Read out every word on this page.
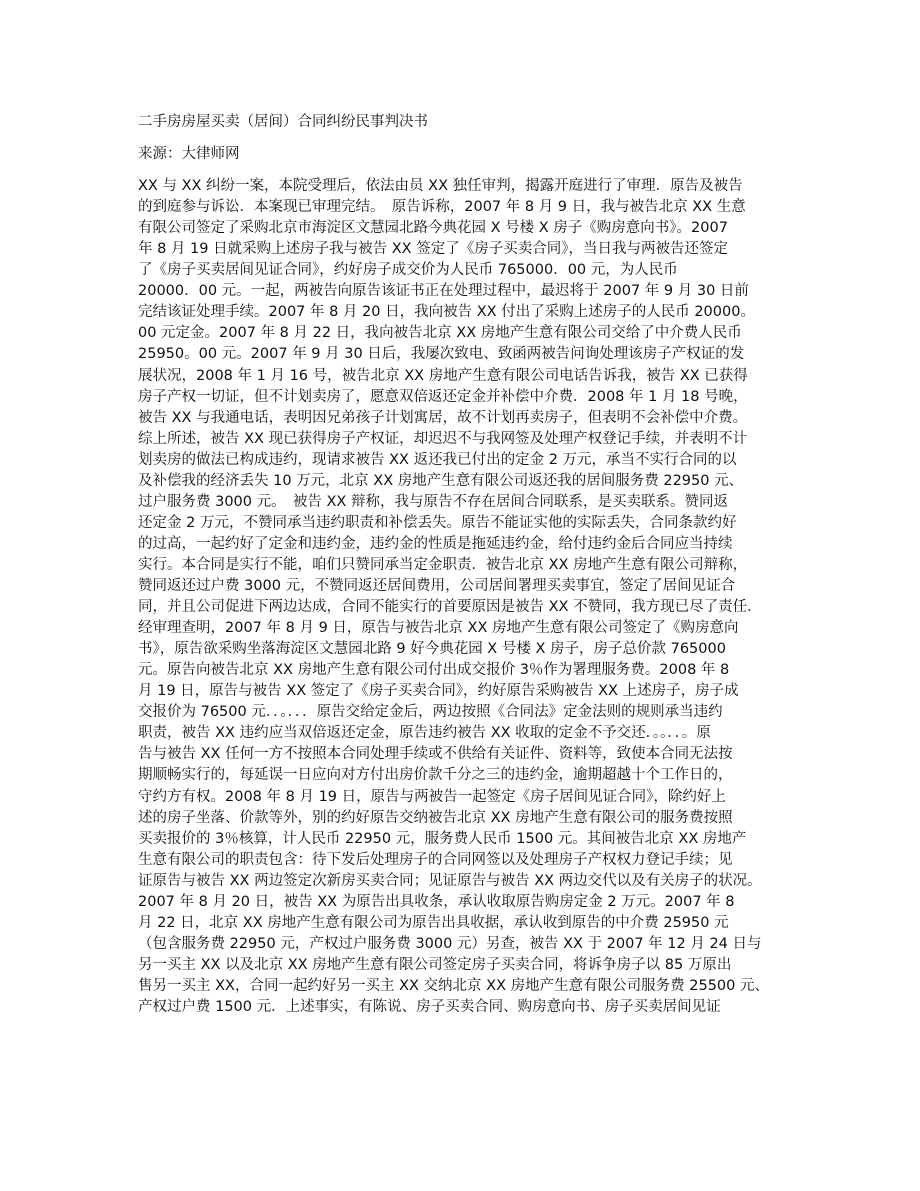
二手房房屋买卖（居间）合同纠纷民事判决书
来源：大律师网
XX 与 XX 纠纷一案，本院受理后，依法由员 XX 独任审判，揭露开庭进行了审理．原告及被告
的到庭参与诉讼．本案现已审理完结。　原告诉称，2007 年 8 月 9 日，我与被告北京 XX 生意
有限公司签定了采购北京市海淀区文慧园北路今典花园 X 号楼 X 房子《购房意向书》。2007
年 8 月 19 日就采购上述房子我与被告 XX 签定了《房子买卖合同》，当日我与两被告还签定
了《房子买卖居间见证合同》，约好房子成交价为人民币 765000．00 元，为人民币
20000．00 元。一起，两被告向原告该证书正在处理过程中，最迟将于 2007 年 9 月 30 日前
完结该证处理手续。2007 年 8 月 20 日，我向被告 XX 付出了采购上述房子的人民币 20000。
00 元定金。2007 年 8 月 22 日，我向被告北京 XX 房地产生意有限公司交给了中介费人民币
25950。00 元。2007 年 9 月 30 日后，我屡次致电、致函两被告问询处理该房子产权证的发
展状况，2008 年 1 月 16 号，被告北京 XX 房地产生意有限公司电话告诉我，被告 XX 已获得
房子产权一切证，但不计划卖房了，愿意双倍返还定金并补偿中介费．2008 年 1 月 18 号晚，
被告 XX 与我通电话，表明因兄弟孩子计划寓居，故不计划再卖房子，但表明不会补偿中介费。
综上所述，被告 XX 现已获得房子产权证，却迟迟不与我网签及处理产权登记手续，并表明不计
划卖房的做法已构成违约，现请求被告 XX 返还我已付出的定金 2 万元，承当不实行合同的以
及补偿我的经济丢失 10 万元，北京 XX 房地产生意有限公司返还我的居间服务费 22950 元、
过户服务费 3000 元。　被告 XX 辩称，我与原告不存在居间合同联系，是买卖联系。赞同返
还定金 2 万元，不赞同承当违约职责和补偿丢失。原告不能证实他的实际丢失，合同条款约好
的过高，一起约好了定金和违约金，违约金的性质是拖延违约金，给付违约金后合同应当持续
实行。本合同是实行不能，咱们只赞同承当定金职责．被告北京 XX 房地产生意有限公司辩称，
赞同返还过户费 3000 元，不赞同返还居间费用，公司居间署理买卖事宜，签定了居间见证合
同，并且公司促进下两边达成，合同不能实行的首要原因是被告 XX 不赞同，我方现已尽了责任．
经审理查明，2007 年 8 月 9 日，原告与被告北京 XX 房地产生意有限公司签定了《购房意向
书》，原告欲采购坐落海淀区文慧园北路 9 好今典花园 X 号楼 X 房子，房子总价款 765000
元。原告向被告北京 XX 房地产生意有限公司付出成交报价 3％作为署理服务费。2008 年 8
月 19 日，原告与被告 XX 签定了《房子买卖合同》，约好原告采购被告 XX 上述房子，房子成
交报价为 76500 元．．。．．．原告交给定金后，两边按照《合同法》定金法则的规则承当违约
职责，被告 XX 违约应当双倍返还定金，原告违约被告 XX 收取的定金不予交还．。。．．。原
告与被告 XX 任何一方不按照本合同处理手续或不供给有关证件、资料等，致使本合同无法按
期顺畅实行的，每延误一日应向对方付出房价款千分之三的违约金，逾期超越十个工作日的，
守约方有权。2008 年 8 月 19 日，原告与两被告一起签定《房子居间见证合同》，除约好上
述的房子坐落、价款等外，别的约好原告交纳被告北京 XX 房地产生意有限公司的服务费按照
买卖报价的 3％核算，计人民币 22950 元，服务费人民币 1500 元。其间被告北京 XX 房地产
生意有限公司的职责包含：待下发后处理房子的合同网签以及处理房子产权权力登记手续；见
证原告与被告 XX 两边签定次新房买卖合同；见证原告与被告 XX 两边交代以及有关房子的状况。
2007 年 8 月 20 日，被告 XX 为原告出具收条，承认收取原告购房定金 2 万元。2007 年 8
月 22 日，北京 XX 房地产生意有限公司为原告出具收据，承认收到原告的中介费 25950 元
（包含服务费 22950 元，产权过户服务费 3000 元）另查，被告 XX 于 2007 年 12 月 24 日与
另一买主 XX 以及北京 XX 房地产生意有限公司签定房子买卖合同，将诉争房子以 85 万原出
售另一买主 XX，合同一起约好另一买主 XX 交纳北京 XX 房地产生意有限公司服务费 25500 元、
产权过户费 1500 元．上述事实，有陈说、房子买卖合同、购房意向书、房子买卖居间见证
